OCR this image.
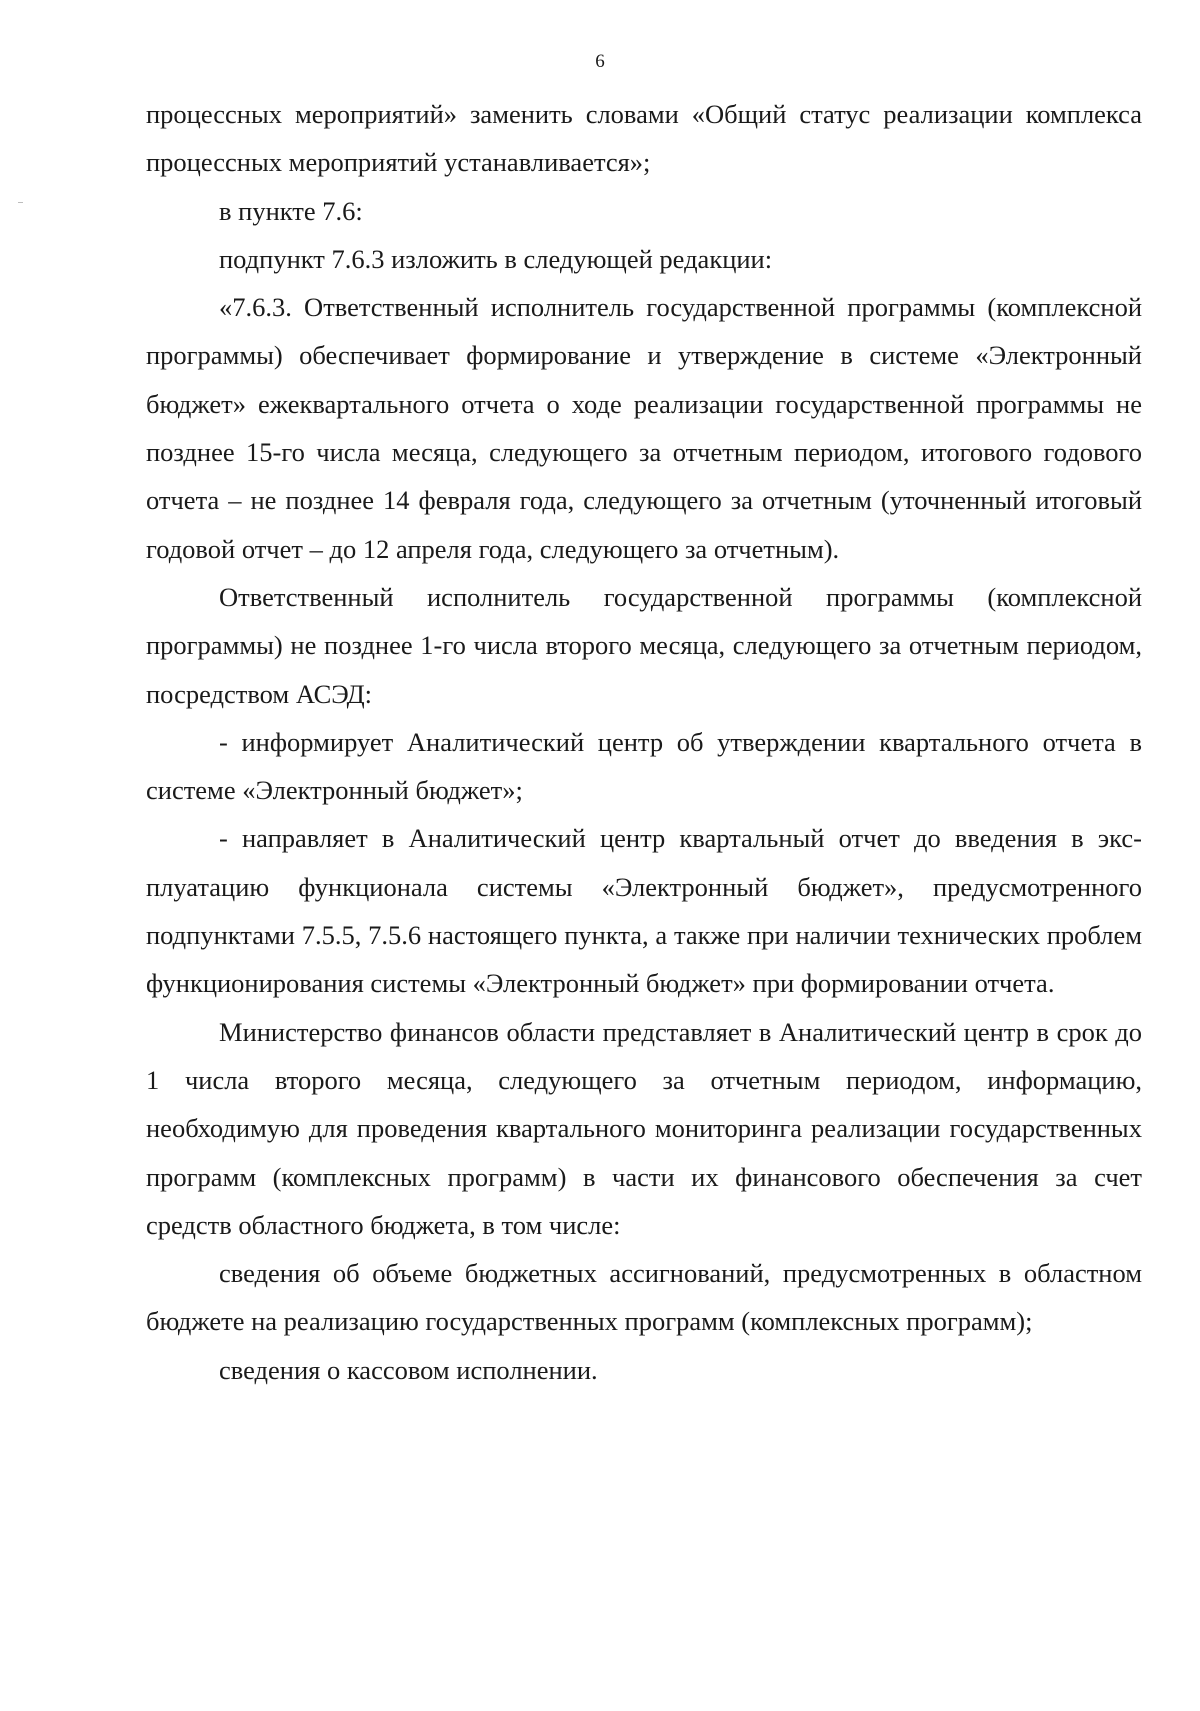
6

процессных мероприятий» заменить словами «Общий статус реализации комплекса процессных мероприятий устанавливается»;

в пункте 7.6:

подпункт 7.6.3 изложить в следующей редакции:

«7.6.3. Ответственный исполнитель государственной программы (комплексной программы) обеспечивает формирование и утверждение в системе «Электронный бюджет» ежеквартального отчета о ходе реализации государственной программы не позднее 15-го числа месяца, следующего за отчетным периодом, итогового годового отчета – не позднее 14 февраля года, следующего за отчетным (уточненный итоговый годовой отчет – до 12 апреля года, следующего за отчетным).

Ответственный исполнитель государственной программы (комплексной программы) не позднее 1-го числа второго месяца, следующего за отчетным периодом, посредством АСЭД:

- информирует Аналитический центр об утверждении квартального отчета в системе «Электронный бюджет»;

- направляет в Аналитический центр квартальный отчет до введения в эксплуатацию функционала системы «Электронный бюджет», предусмотренного подпунктами 7.5.5, 7.5.6 настоящего пункта, а также при наличии технических проблем функционирования системы «Электронный бюджет» при формировании отчета.

Министерство финансов области представляет в Аналитический центр в срок до 1 числа второго месяца, следующего за отчетным периодом, информацию, необходимую для проведения квартального мониторинга реализации государственных программ (комплексных программ) в части их финансового обеспечения за счет средств областного бюджета, в том числе:

сведения об объеме бюджетных ассигнований, предусмотренных в областном бюджете на реализацию государственных программ (комплексных программ);

сведения о кассовом исполнении.
